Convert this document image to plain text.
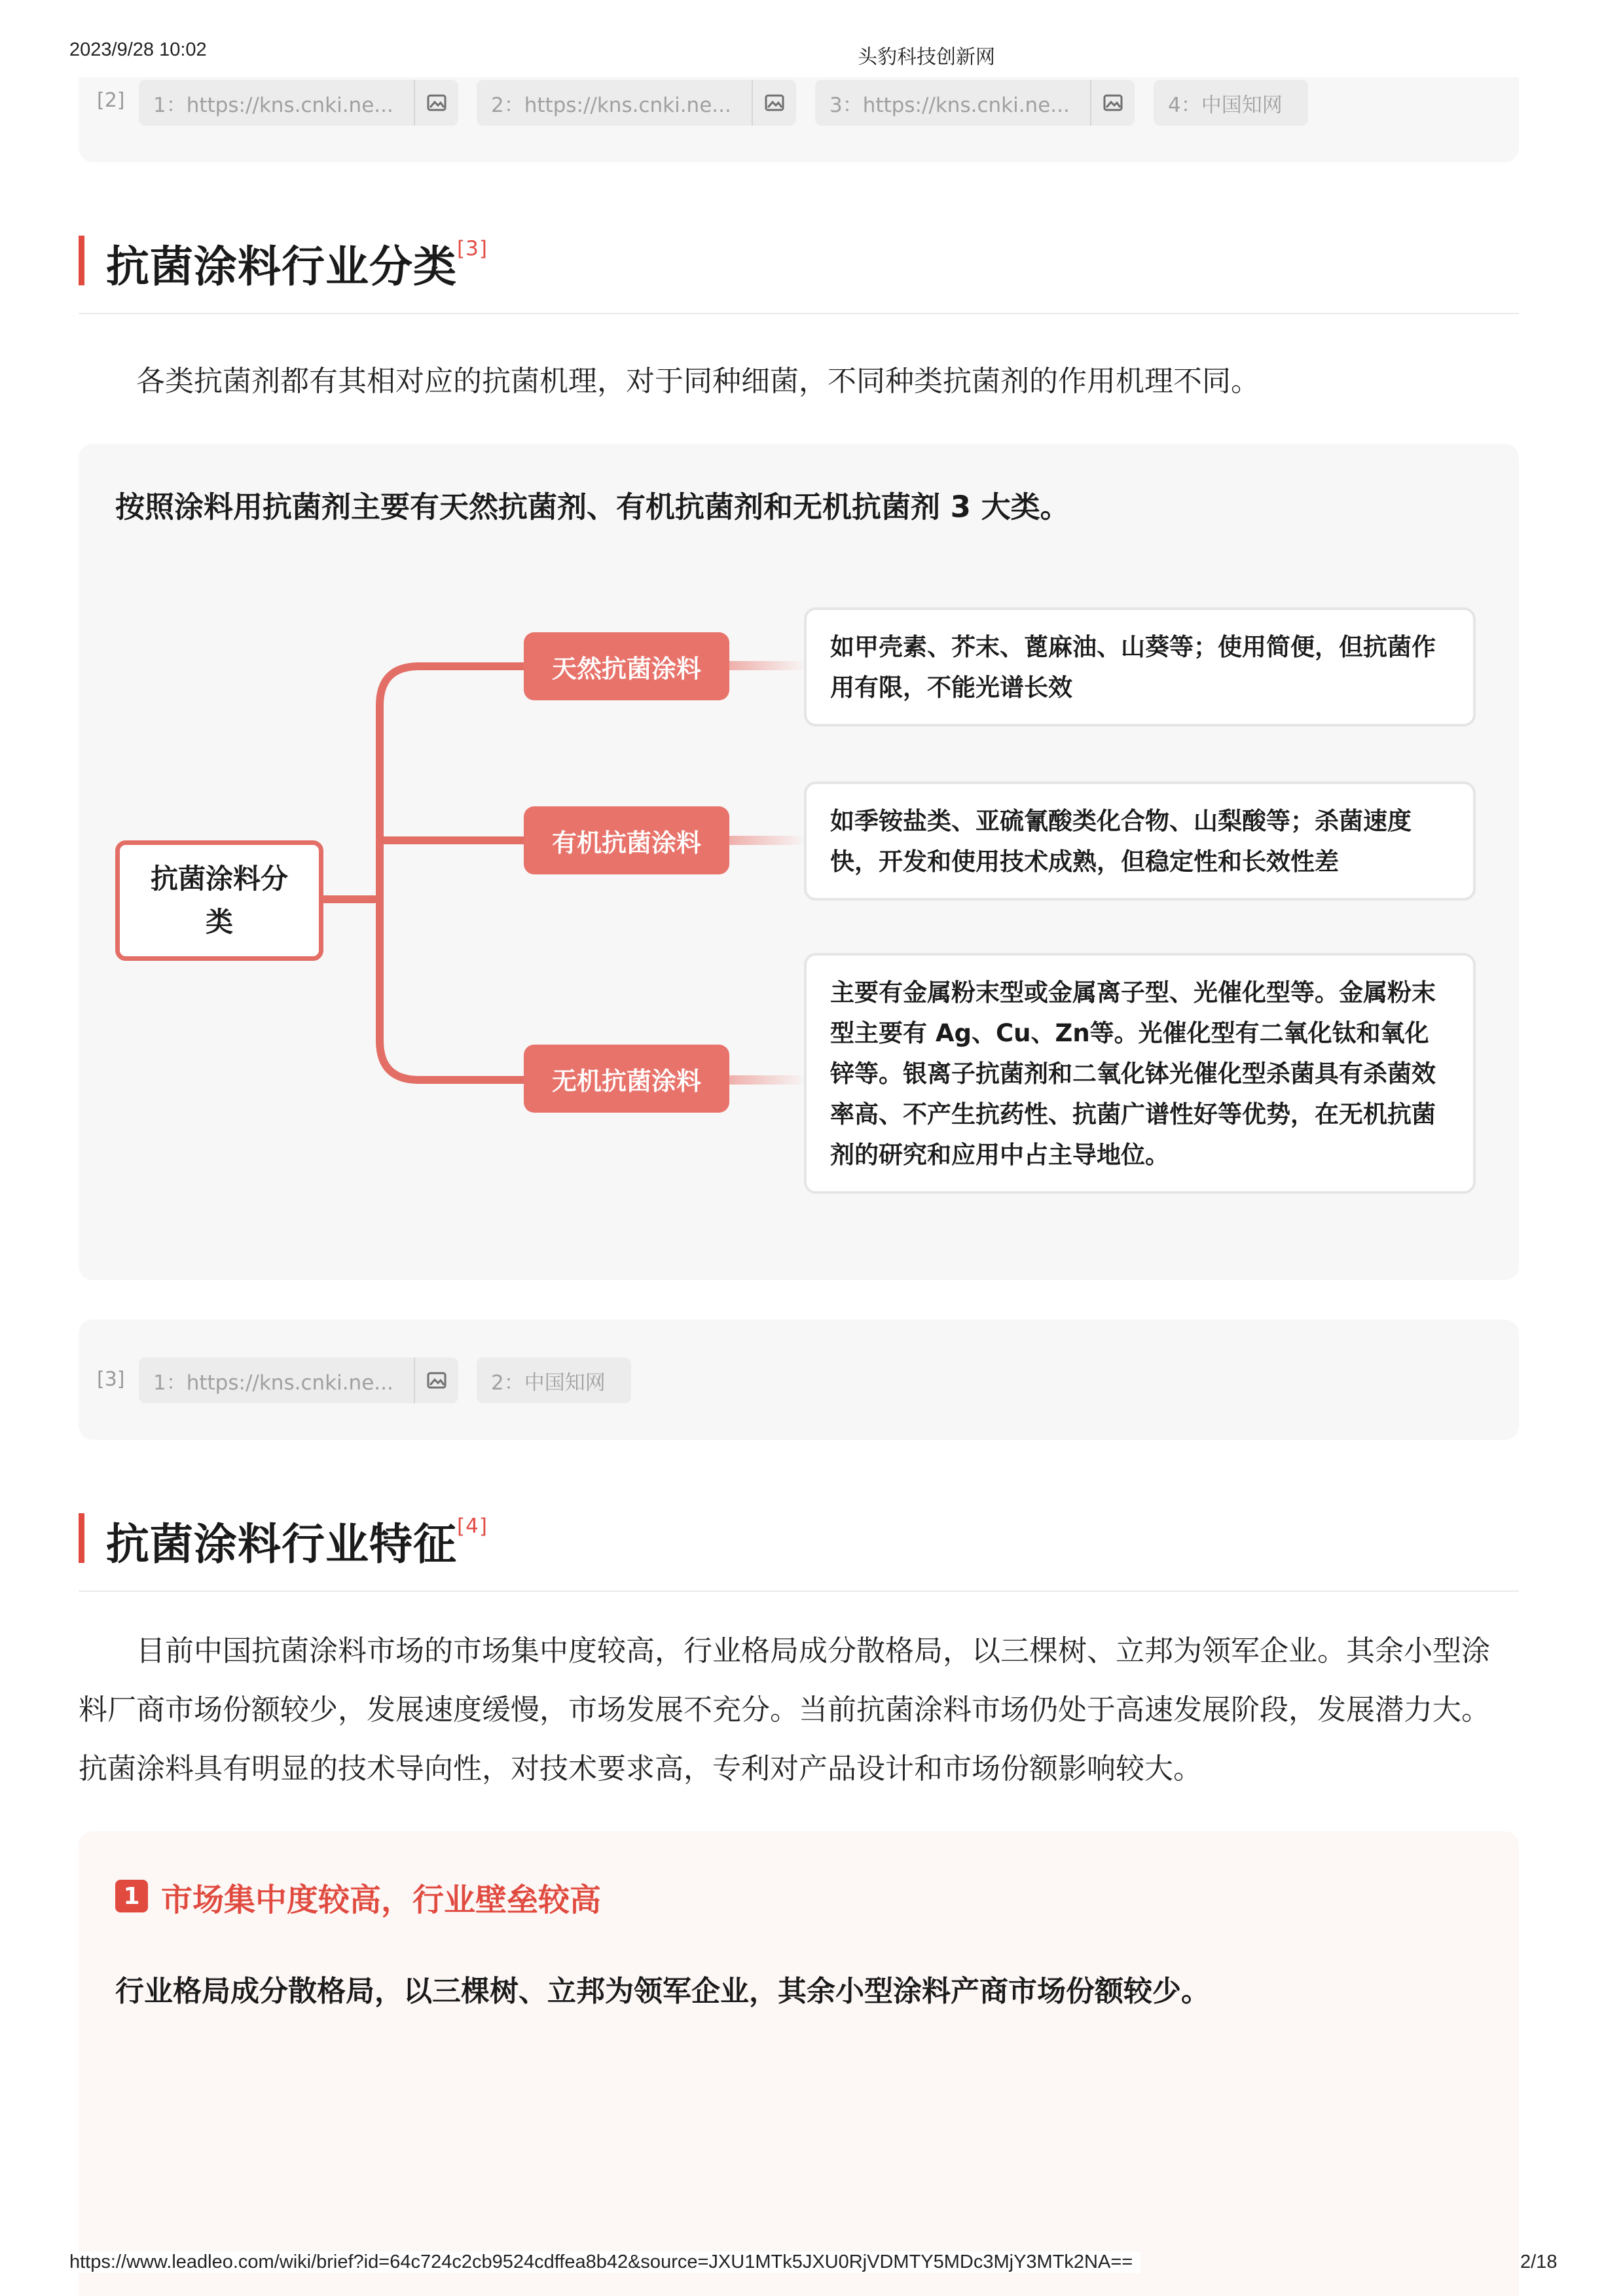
2023/9/28 10:02	头豹科技创新网
[2] 1：https://kns.cnki.ne...	2：https://kns.cnki.ne...	3：https://kns.cnki.ne...	4：中国知网
抗菌涂料行业分类[3]
各类抗菌剂都有其相对应的抗菌机理，对于同种细菌，不同种类抗菌剂的作用机理不同。
按照涂料用抗菌剂主要有天然抗菌剂、有机抗菌剂和无机抗菌剂 3 大类。
抗菌涂料分类
天然抗菌涂料
有机抗菌涂料
无机抗菌涂料
如甲壳素、芥末、蓖麻油、山葵等；使用简便，但抗菌作用有限，不能光谱长效
如季铵盐类、亚硫氰酸类化合物、山梨酸等；杀菌速度快，开发和使用技术成熟，但稳定性和长效性差
主要有金属粉末型或金属离子型、光催化型等。金属粉末型主要有 Ag、Cu、Zn等。光催化型有二氧化钛和氧化锌等。银离子抗菌剂和二氧化钵光催化型杀菌具有杀菌效率高、不产生抗药性、抗菌广谱性好等优势，在无机抗菌剂的研究和应用中占主导地位。
[3] 1：https://kns.cnki.ne...	2：中国知网
抗菌涂料行业特征[4]
目前中国抗菌涂料市场的市场集中度较高，行业格局成分散格局，以三棵树、立邦为领军企业。其余小型涂
料厂商市场份额较少，发展速度缓慢，市场发展不充分。当前抗菌涂料市场仍处于高速发展阶段，发展潜力大。
抗菌涂料具有明显的技术导向性，对技术要求高，专利对产品设计和市场份额影响较大。
1 市场集中度较高，行业壁垒较高
行业格局成分散格局，以三棵树、立邦为领军企业，其余小型涂料产商市场份额较少。
https://www.leadleo.com/wiki/brief?id=64c724c2cb9524cdffea8b42&source=JXU1MTk5JXU0RjVDMTY5MDc3MjY3MTk2NA==	2/18
